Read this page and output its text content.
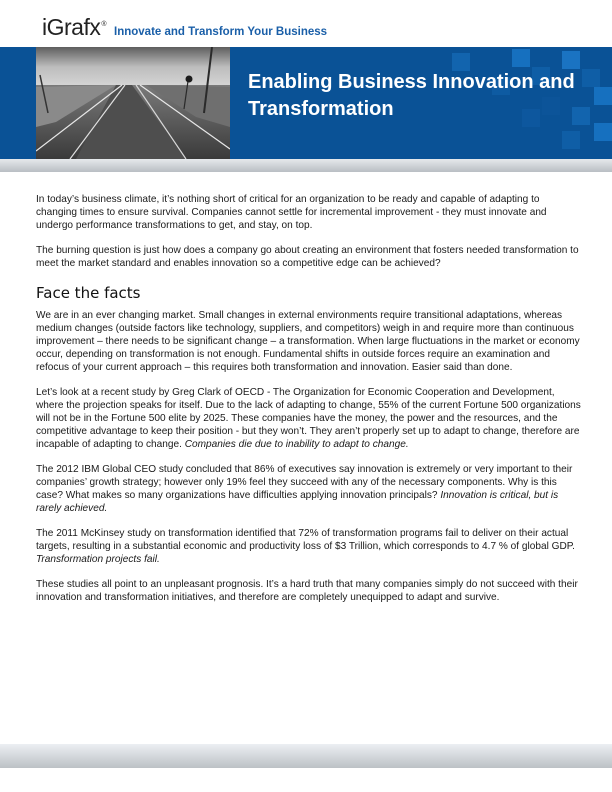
iGrafx®
Innovate and Transform Your Business
Enabling Business Innovation and Transformation

In today’s business climate, it’s nothing short of critical for an organization to be ready and capable of adapting to changing times to ensure survival. Companies cannot settle for incremental improvement - they must innovate and undergo performance transformations to get, and stay, on top.

The burning question is just how does a company go about creating an environment that fosters needed transformation to meet the market standard and enables innovation so a competitive edge can be achieved?

Face the facts

We are in an ever changing market. Small changes in external environments require transitional adaptations, whereas medium changes (outside factors like technology, suppliers, and competitors) weigh in and require more than continuous improvement – there needs to be significant change – a transformation. When large fluctuations in the market or economy occur, depending on transformation is not enough. Fundamental shifts in outside forces require an examination and refocus of your current approach – this requires both transformation and innovation. Easier said than done.

Let’s look at a recent study by Greg Clark of OECD - The Organization for Economic Cooperation and Development, where the projection speaks for itself. Due to the lack of adapting to change, 55% of the current Fortune 500 organizations will not be in the Fortune 500 elite by 2025. These companies have the money, the power and the resources, and the competitive advantage to keep their position - but they won’t. They aren’t properly set up to adapt to change, therefore are incapable of adapting to change. Companies die due to inability to adapt to change.

The 2012 IBM Global CEO study concluded that 86% of executives say innovation is extremely or very important to their companies’ growth strategy; however only 19% feel they succeed with any of the necessary components. Why is this case? What makes so many organizations have difficulties applying innovation principals? Innovation is critical, but is rarely achieved.

The 2011 McKinsey study on transformation identified that 72% of transformation programs fail to deliver on their actual targets, resulting in a substantial economic and productivity loss of $3 Trillion, which corresponds to 4.7 % of global GDP. Transformation projects fail.

These studies all point to an unpleasant prognosis. It’s a hard truth that many companies simply do not succeed with their innovation and transformation initiatives, and therefore are completely unequipped to adapt and survive.
